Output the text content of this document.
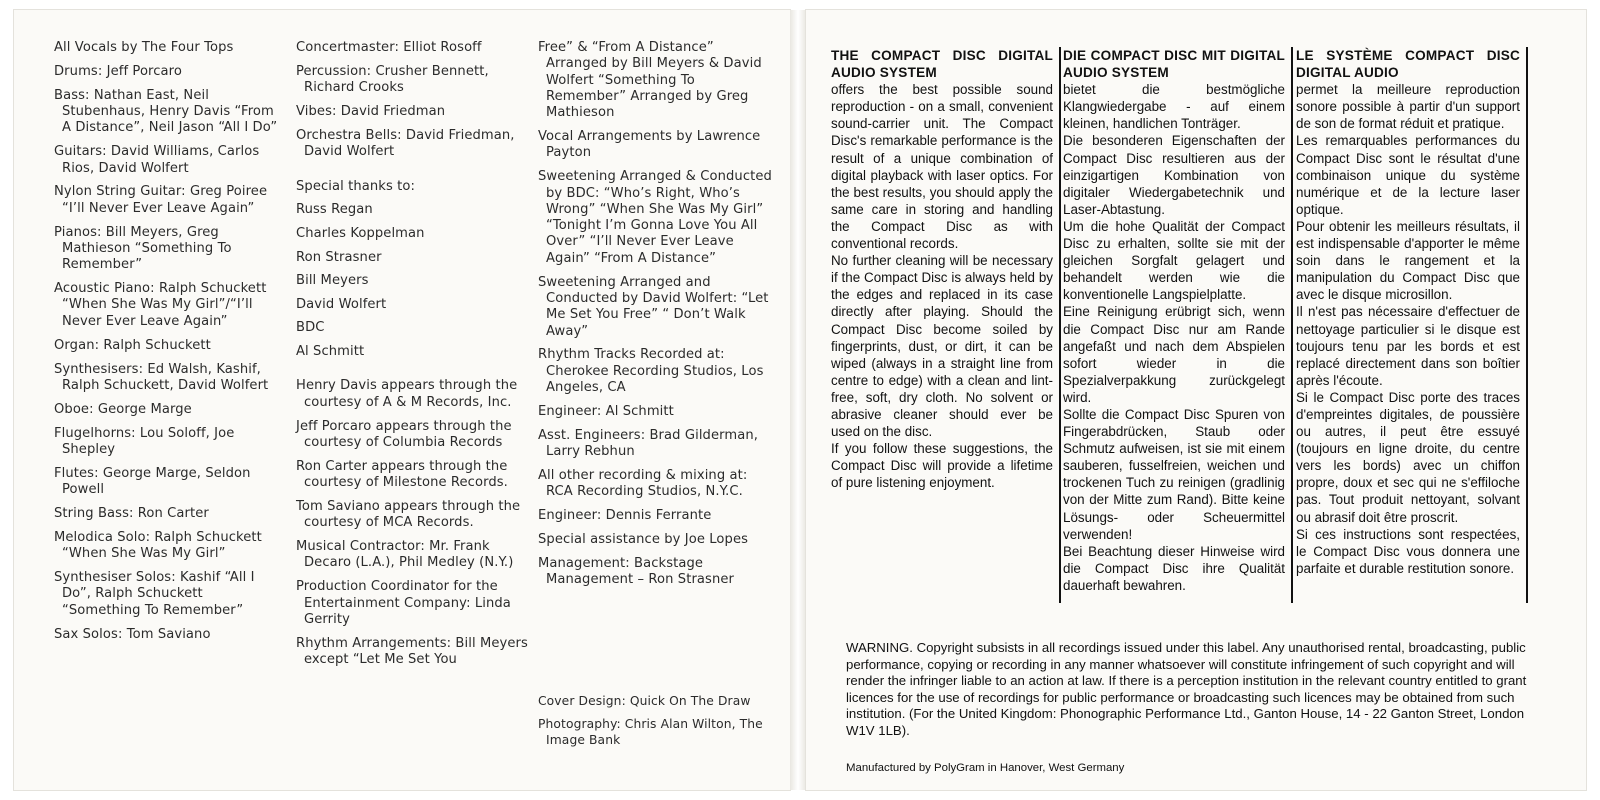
All Vocals by The Four Tops
Drums: Jeff Porcaro
Bass: Nathan East, Neil Stubenhaus, Henry Davis “From A Distance”, Neil Jason “All I Do”
Guitars: David Williams, Carlos Rios, David Wolfert
Nylon String Guitar: Greg Poiree “I’ll Never Ever Leave Again”
Pianos: Bill Meyers, Greg Mathieson “Something To Remember”
Acoustic Piano: Ralph Schuckett “When She Was My Girl”/“I’ll Never Ever Leave Again”
Organ: Ralph Schuckett
Synthesisers: Ed Walsh, Kashif, Ralph Schuckett, David Wolfert
Oboe: George Marge
Flugelhorns: Lou Soloff, Joe Shepley
Flutes: George Marge, Seldon Powell
String Bass: Ron Carter
Melodica Solo: Ralph Schuckett “When She Was My Girl”
Synthesiser Solos: Kashif “All I Do”, Ralph Schuckett “Something To Remember”
Sax Solos: Tom Saviano
Concertmaster: Elliot Rosoff
Percussion: Crusher Bennett, Richard Crooks
Vibes: David Friedman
Orchestra Bells: David Friedman, David Wolfert
Special thanks to:
Russ Regan
Charles Koppelman
Ron Strasner
Bill Meyers
David Wolfert
BDC
Al Schmitt
Henry Davis appears through the courtesy of A & M Records, Inc.
Jeff Porcaro appears through the courtesy of Columbia Records
Ron Carter appears through the courtesy of Milestone Records.
Tom Saviano appears through the courtesy of MCA Records.
Musical Contractor: Mr. Frank Decaro (L.A.), Phil Medley (N.Y.)
Production Coordinator for the Entertainment Company: Linda Gerrity
Rhythm Arrangements: Bill Meyers except “Let Me Set You
Free” & “From A Distance” Arranged by Bill Meyers & David Wolfert “Something To Remember” Arranged by Greg Mathieson
Vocal Arrangements by Lawrence Payton
Sweetening Arranged & Conducted by BDC: “Who’s Right, Who’s Wrong” “When She Was My Girl” “Tonight I’m Gonna Love You All Over” “I’ll Never Ever Leave Again” “From A Distance”
Sweetening Arranged and Conducted by David Wolfert: “Let Me Set You Free” “ Don’t Walk Away”
Rhythm Tracks Recorded at: Cherokee Recording Studios, Los Angeles, CA
Engineer: Al Schmitt
Asst. Engineers: Brad Gilderman, Larry Rebhun
All other recording & mixing at: RCA Recording Studios, N.Y.C.
Engineer: Dennis Ferrante
Special assistance by Joe Lopes
Management: Backstage Management – Ron Strasner
Cover Design: Quick On The Draw
Photography: Chris Alan Wilton, The Image Bank
THE COMPACT DISC DIGITAL AUDIO SYSTEM

offers the best possible sound reproduction - on a small, convenient sound-carrier unit. The Compact Disc's remarkable performance is the result of a unique combination of digital playback with laser optics. For the best results, you should apply the same care in storing and handling the Compact Disc as with conventional records.

No further cleaning will be necessary if the Compact Disc is always held by the edges and replaced in its case directly after playing. Should the Compact Disc become soiled by fingerprints, dust, or dirt, it can be wiped (always in a straight line from centre to edge) with a clean and lint-free, soft, dry cloth. No solvent or abrasive cleaner should ever be used on the disc.

If you follow these suggestions, the Compact Disc will provide a lifetime of pure listening enjoyment.

DIE COMPACT DISC MIT DIGITAL AUDIO SYSTEM

bietet die bestmögliche Klangwiedergabe - auf einem kleinen, handlichen Tonträger.

Die besonderen Eigenschaften der Compact Disc resultieren aus der einzigartigen Kombination von digitaler Wiedergabetechnik und Laser-Abtastung.

Um die hohe Qualität der Compact Disc zu erhalten, sollte sie mit der gleichen Sorgfalt gelagert und behandelt werden wie die konventionelle Langspielplatte.

Eine Reinigung erübrigt sich, wenn die Compact Disc nur am Rande angefaßt und nach dem Abspielen sofort wieder in die Spezialverpakkung zurückgelegt wird.

Sollte die Compact Disc Spuren von Fingerabdrücken, Staub oder Schmutz aufweisen, ist sie mit einem sauberen, fusselfreien, weichen und trockenen Tuch zu reinigen (gradlinig von der Mitte zum Rand). Bitte keine Lösungs- oder Scheuermittel verwenden!

Bei Beachtung dieser Hinweise wird die Compact Disc ihre Qualität dauerhaft bewahren.

LE SYSTÈME COMPACT DISC DIGITAL AUDIO

permet la meilleure reproduction sonore possible à partir d'un support de son de format réduit et pratique.

Les remarquables performances du Compact Disc sont le résultat d'une combinaison unique du système numérique et de la lecture laser optique.

Pour obtenir les meilleurs résultats, il est indispensable d'apporter le même soin dans le rangement et la manipulation du Compact Disc que avec le disque microsillon.

Il n'est pas nécessaire d'effectuer de nettoyage particulier si le disque est toujours tenu par les bords et est replacé directement dans son boîtier après l'écoute.

Si le Compact Disc porte des traces d'empreintes digitales, de poussière ou autres, il peut être essuyé (toujours en ligne droite, du centre vers les bords) avec un chiffon propre, doux et sec qui ne s'effiloche pas. Tout produit nettoyant, solvant ou abrasif doit être proscrit.

Si ces instructions sont respectées, le Compact Disc vous donnera une parfaite et durable restitution sonore.

WARNING. Copyright subsists in all recordings issued under this label. Any unauthorised rental, broadcasting, public performance, copying or recording in any manner whatsoever will constitute infringement of such copyright and will render the infringer liable to an action at law. If there is a perception institution in the relevant country entitled to grant licences for the use of recordings for public performance or broadcasting such licences may be obtained from such institution. (For the United Kingdom: Phonographic Performance Ltd., Ganton House, 14 - 22 Ganton Street, London W1V 1LB).
Manufactured by PolyGram in Hanover, West Germany
